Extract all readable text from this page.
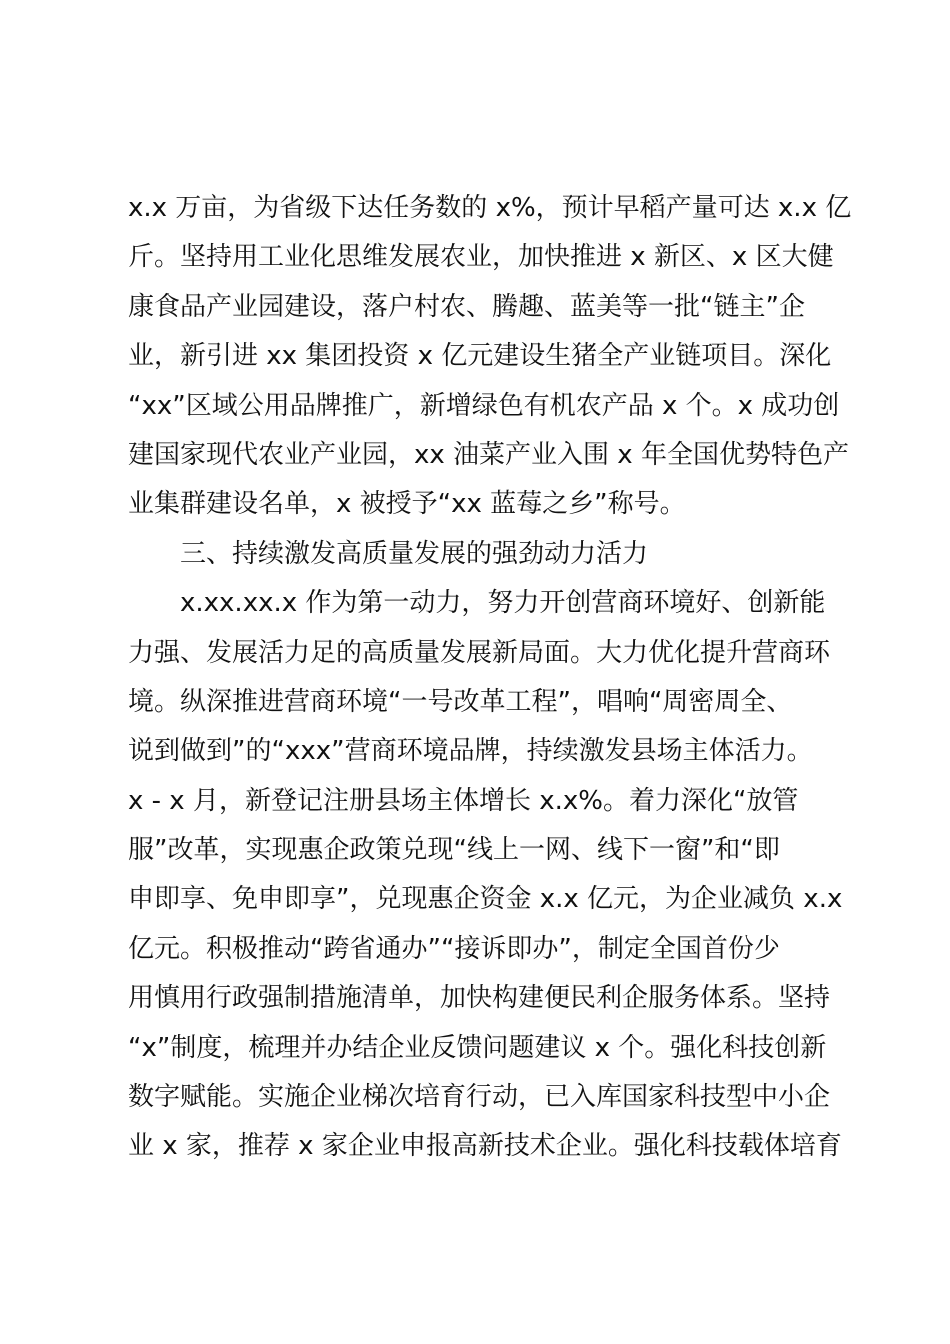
x.x 万亩，为省级下达任务数的 x%，预计早稻产量可达 x.x 亿
斤。坚持用工业化思维发展农业，加快推进 x 新区、x 区大健
康食品产业园建设，落户村农、腾趣、蓝美等一批“链主”企
业，新引进 xx 集团投资 x 亿元建设生猪全产业链项目。深化
“xx”区域公用品牌推广，新增绿色有机农产品 x 个。x 成功创
建国家现代农业产业园，xx 油菜产业入围 x 年全国优势特色产
业集群建设名单，x 被授予“xx 蓝莓之乡”称号。
　　三、持续激发高质量发展的强劲动力活力
　　x.xx.xx.x 作为第一动力，努力开创营商环境好、创新能
力强、发展活力足的高质量发展新局面。大力优化提升营商环
境。纵深推进营商环境“一号改革工程”，唱响“周密周全、
说到做到”的“xxx”营商环境品牌，持续激发县场主体活力。
x - x 月，新登记注册县场主体增长 x.x%。着力深化“放管
服”改革，实现惠企政策兑现“线上一网、线下一窗”和“即
申即享、免申即享”，兑现惠企资金 x.x 亿元，为企业减负 x.x
亿元。积极推动“跨省通办”“接诉即办”，制定全国首份少
用慎用行政强制措施清单，加快构建便民利企服务体系。坚持
“x”制度，梳理并办结企业反馈问题建议 x 个。强化科技创新
数字赋能。实施企业梯次培育行动，已入库国家科技型中小企
业 x 家，推荐 x 家企业申报高新技术企业。强化科技载体培育
